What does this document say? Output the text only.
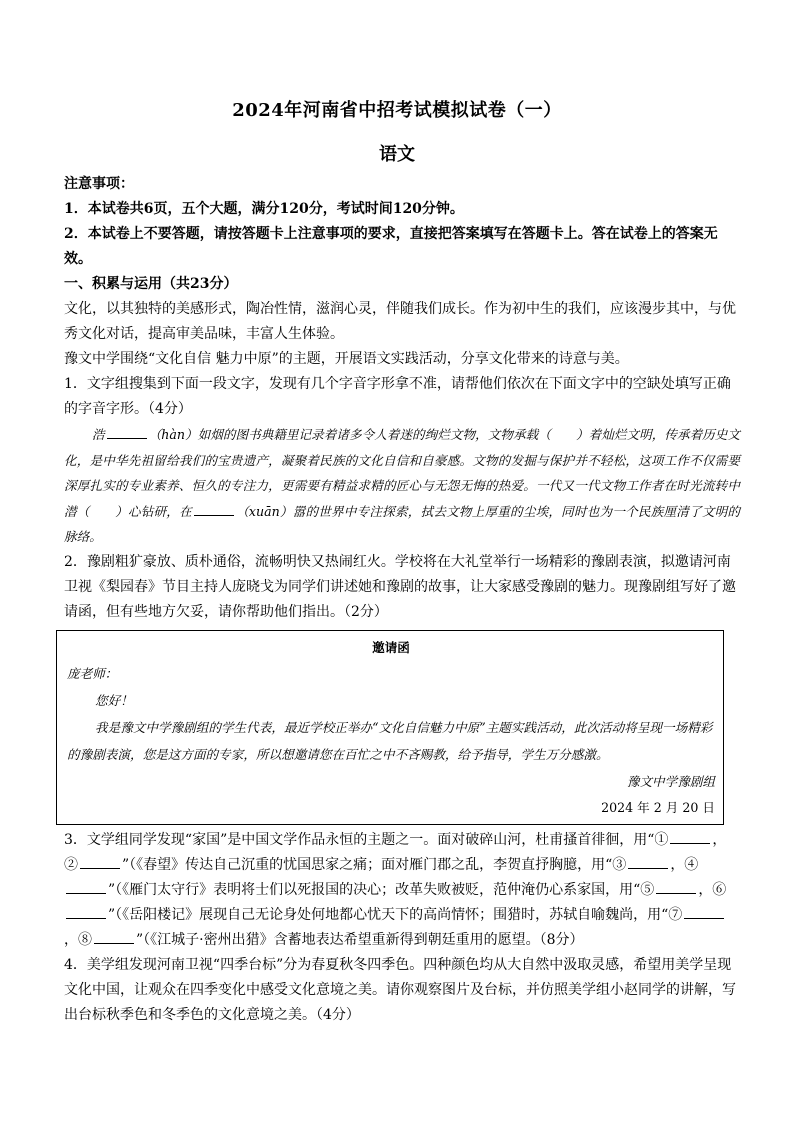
2024年河南省中招考试模拟试卷（一）
语文

注意事项：

1．本试卷共6页，五个大题，满分120分，考试时间120分钟。

2．本试卷上不要答题，请按答题卡上注意事项的要求，直接把答案填写在答题卡上。答在试卷上的答案无效。

一、积累与运用（共23分）

文化，以其独特的美感形式，陶冶性情，滋润心灵，伴随我们成长。作为初中生的我们，应该漫步其中，与优秀文化对话，提高审美品味，丰富人生体验。

豫文中学围绕“文化自信 魅力中原”的主题，开展语文实践活动，分享文化带来的诗意与美。

1．文字组搜集到下面一段文字，发现有几个字音字形拿不准，请帮他们依次在下面文字中的空缺处填写正确的字音字形。（4分）

浩	（hàn）如烟的图书典籍里记录着诸多令人着迷的绚烂文物，文物承载（　　）着灿烂文明，传承着历史文化，是中华先祖留给我们的宝贵遗产，凝聚着民族的文化自信和自豪感。文物的发掘与保护并不轻松，这项工作不仅需要深厚扎实的专业素养、恒久的专注力，更需要有精益求精的匠心与无怨无悔的热爱。一代又一代文物工作者在时光流转中潜（　　）心钻研，在	（xuān）嚣的世界中专注探索，拭去文物上厚重的尘埃，同时也为一个民族厘清了文明的脉络。

2．豫剧粗犷豪放、质朴通俗，流畅明快又热闹红火。学校将在大礼堂举行一场精彩的豫剧表演，拟邀请河南卫视《梨园春》节目主持人庞晓戈为同学们讲述她和豫剧的故事，让大家感受豫剧的魅力。现豫剧组写好了邀请函，但有些地方欠妥，请你帮助他们指出。（2分）

邀请函
庞老师：
您好！
我是豫文中学豫剧组的学生代表，最近学校正举办“文化自信魅力中原”主题实践活动，此次活动将呈现一场精彩的豫剧表演，您是这方面的专家，所以想邀请您在百忙之中不吝赐教，给予指导，学生万分感激。
豫文中学豫剧组
2024 年 2 月 20 日

3．文学组同学发现“家国”是中国文学作品永恒的主题之一。面对破碎山河，杜甫搔首徘徊，用“①	，②	”（《春望》传达自己沉重的忧国思家之痛；面对雁门郡之乱，李贺直抒胸臆，用“③	，④”（《雁门太守行》表明将士们以死报国的决心；改革失败被贬，范仲淹仍心系家国，用“⑤	，⑥”（《岳阳楼记》展现自己无论身处何地都心忧天下的高尚情怀；围猎时，苏轼自喻魏尚，用“⑦，⑧	”（《江城子·密州出猎》含蓄地表达希望重新得到朝廷重用的愿望。（8分）

4．美学组发现河南卫视“四季台标”分为春夏秋冬四季色。四种颜色均从大自然中汲取灵感，希望用美学呈现文化中国，让观众在四季变化中感受文化意境之美。请你观察图片及台标，并仿照美学组小赵同学的讲解，写出台标秋季色和冬季色的文化意境之美。（4分）
